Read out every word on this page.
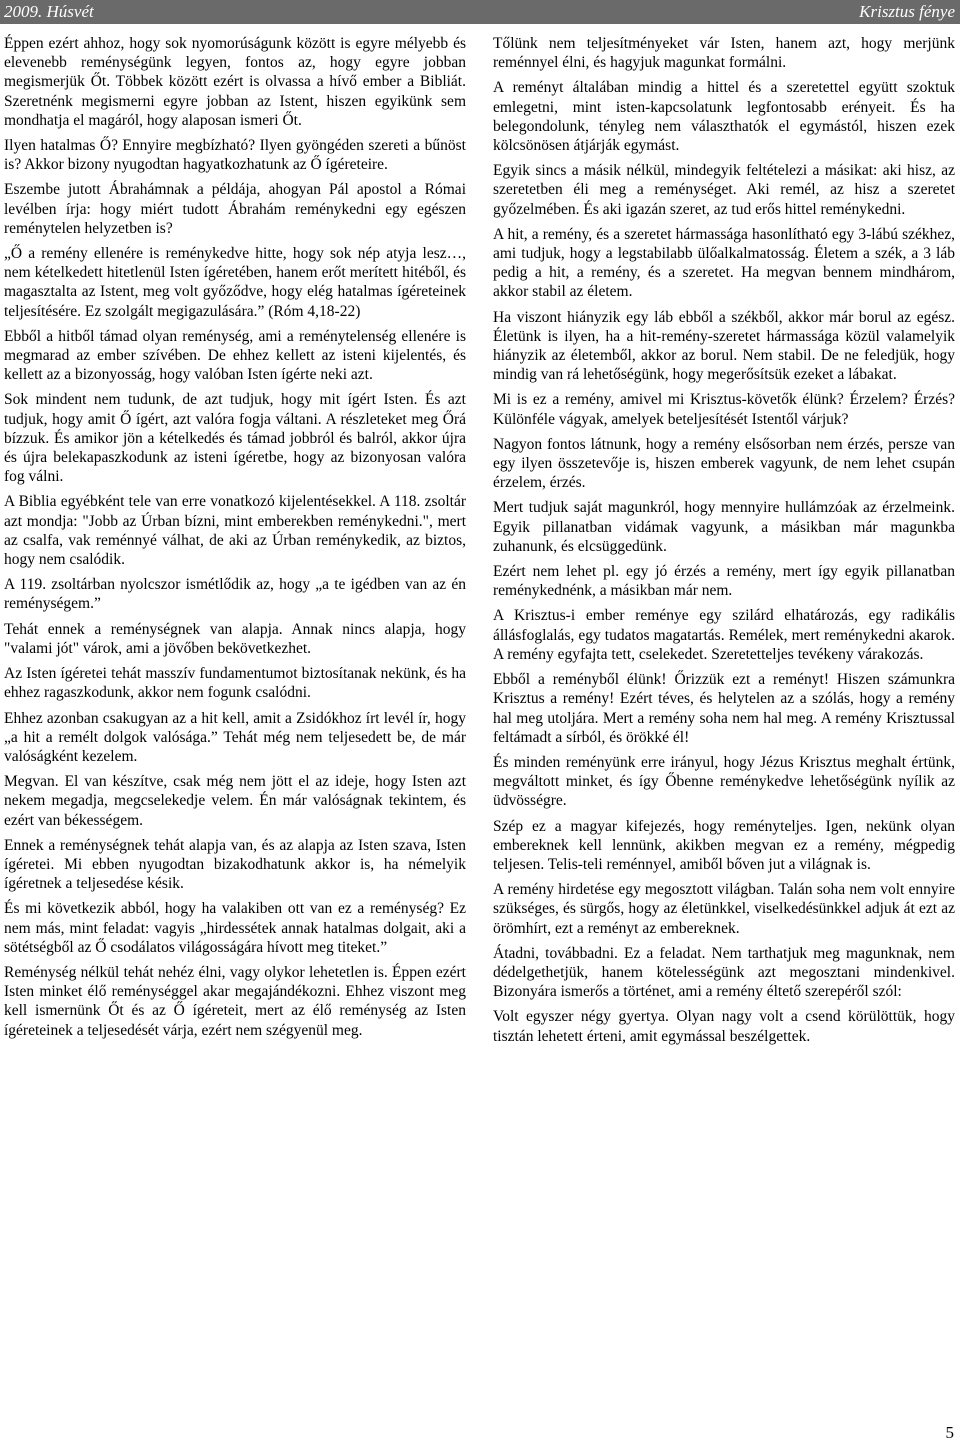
2009. Húsvét	Krisztus fénye

Éppen ezért ahhoz, hogy sok nyomorúságunk között is egyre mélyebb és elevenebb reménységünk legyen, fontos az, hogy egyre jobban megismerjük Őt. Többek között ezért is olvassa a hívő ember a Bibliát. Szeretnénk megismerni egyre jobban az Istent, hiszen egyikünk sem mondhatja el magáról, hogy alaposan ismeri Őt.

Ilyen hatalmas Ő? Ennyire megbízható? Ilyen gyöngéden szereti a bűnöst is? Akkor bizony nyugodtan hagyatkozhatunk az Ő ígéreteire.

Eszembe jutott Ábrahámnak a példája, ahogyan Pál apostol a Római levélben írja: hogy miért tudott Ábrahám reménykedni egy egészen reménytelen helyzetben is?

„Ő a remény ellenére is reménykedve hitte, hogy sok nép atyja lesz…, nem kételkedett hitetlenül Isten ígéretében, hanem erőt merített hitéből, és magasztalta az Istent, meg volt győződve, hogy elég hatalmas ígéreteinek teljesítésére. Ez szolgált megigazulására.” (Róm 4,18-22)

Ebből a hitből támad olyan reménység, ami a reménytelenség ellenére is megmarad az ember szívében. De ehhez kellett az isteni kijelentés, és kellett az a bizonyosság, hogy valóban Isten ígérte neki azt.

Sok mindent nem tudunk, de azt tudjuk, hogy mit ígért Isten. És azt tudjuk, hogy amit Ő ígért, azt valóra fogja váltani. A részleteket meg Őrá bízzuk. És amikor jön a kételkedés és támad jobbról és balról, akkor újra és újra belekapaszkodunk az isteni ígéretbe, hogy az bizonyosan valóra fog válni.

A Biblia egyébként tele van erre vonatkozó kijelentésekkel. A 118. zsoltár azt mondja: "Jobb az Úrban bízni, mint emberekben reménykedni.", mert az csalfa, vak reménnyé válhat, de aki az Úrban reménykedik, az biztos, hogy nem csalódik.

A 119. zsoltárban nyolcszor ismétlődik az, hogy „a te igédben van az én reménységem.”

Tehát ennek a reménységnek van alapja. Annak nincs alapja, hogy "valami jót" várok, ami a jövőben bekövetkezhet.

Az Isten ígéretei tehát masszív fundamentumot biztosítanak nekünk, és ha ehhez ragaszkodunk, akkor nem fogunk csalódni.

Ehhez azonban csakugyan az a hit kell, amit a Zsidókhoz írt levél ír, hogy „a hit a remélt dolgok valósága.” Tehát még nem teljesedett be, de már valóságként kezelem.

Megvan. El van készítve, csak még nem jött el az ideje, hogy Isten azt nekem megadja, megcselekedje velem. Én már valóságnak tekintem, és ezért van békességem.

Ennek a reménységnek tehát alapja van, és az alapja az Isten szava, Isten ígéretei. Mi ebben nyugodtan bizakodhatunk akkor is, ha némelyik ígéretnek a teljesedése késik.

És mi következik abból, hogy ha valakiben ott van ez a reménység? Ez nem más, mint feladat: vagyis „hirdessétek annak hatalmas dolgait, aki a sötétségből az Ő csodálatos világosságára hívott meg titeket.”

Reménység nélkül tehát nehéz élni, vagy olykor lehetetlen is. Éppen ezért Isten minket élő reménységgel akar megajándékozni. Ehhez viszont meg kell ismernünk Őt és az Ő ígéreteit, mert az élő reménység az Isten ígéreteinek a teljesedését várja, ezért nem szégyenül meg.

Tőlünk nem teljesítményeket vár Isten, hanem azt, hogy merjünk reménnyel élni, és hagyjuk magunkat formálni.

A reményt általában mindig a hittel és a szeretettel együtt szoktuk emlegetni, mint isten-kapcsolatunk legfontosabb erényeit. És ha belegondolunk, tényleg nem választhatók el egymástól, hiszen ezek kölcsönösen átjárják egymást.

Egyik sincs a másik nélkül, mindegyik feltételezi a másikat: aki hisz, az szeretetben éli meg a reménységet. Aki remél, az hisz a szeretet győzelmében. És aki igazán szeret, az tud erős hittel reménykedni.

A hit, a remény, és a szeretet hármassága hasonlítható egy 3-lábú székhez, ami tudjuk, hogy a legstabilabb ülőalkalmatosság. Életem a szék, a 3 láb pedig a hit, a remény, és a szeretet. Ha megvan bennem mindhárom, akkor stabil az életem.

Ha viszont hiányzik egy láb ebből a székből, akkor már borul az egész. Életünk is ilyen, ha a hit-remény-szeretet hármassága közül valamelyik hiányzik az életemből, akkor az borul. Nem stabil. De ne feledjük, hogy mindig van rá lehetőségünk, hogy megerősítsük ezeket a lábakat.

Mi is ez a remény, amivel mi Krisztus-követők élünk? Érzelem? Érzés? Különféle vágyak, amelyek beteljesítését Istentől várjuk?

Nagyon fontos látnunk, hogy a remény elsősorban nem érzés, persze van egy ilyen összetevője is, hiszen emberek vagyunk, de nem lehet csupán érzelem, érzés.

Mert tudjuk saját magunkról, hogy mennyire hullámzóak az érzelmeink. Egyik pillanatban vidámak vagyunk, a másikban már magunkba zuhanunk, és elcsüggedünk.

Ezért nem lehet pl. egy jó érzés a remény, mert így egyik pillanatban reménykednénk, a másikban már nem.

A Krisztus-i ember reménye egy szilárd elhatározás, egy radikális állásfoglalás, egy tudatos magatartás. Remélek, mert reménykedni akarok. A remény egyfajta tett, cselekedet. Szeretetteljes tevékeny várakozás.

Ebből a reményből élünk! Őrizzük ezt a reményt! Hiszen számunkra Krisztus a remény! Ezért téves, és helytelen az a szólás, hogy a remény hal meg utoljára. Mert a remény soha nem hal meg. A remény Krisztussal feltámadt a sírból, és örökké él!

És minden reményünk erre irányul, hogy Jézus Krisztus meghalt értünk, megváltott minket, és így Őbenne reménykedve lehetőségünk nyílik az üdvösségre.

Szép ez a magyar kifejezés, hogy reményteljes. Igen, nekünk olyan embereknek kell lennünk, akikben megvan ez a remény, mégpedig teljesen. Telis-teli reménnyel, amiből bőven jut a világnak is.

A remény hirdetése egy megosztott világban. Talán soha nem volt ennyire szükséges, és sürgős, hogy az életünkkel, viselkedésünkkel adjuk át ezt az örömhírt, ezt a reményt az embereknek.

Átadni, továbbadni. Ez a feladat. Nem tarthatjuk meg magunknak, nem dédelgethetjük, hanem kötelességünk azt megosztani mindenkivel. Bizonyára ismerős a történet, ami a remény éltető szerepéről szól:

Volt egyszer négy gyertya. Olyan nagy volt a csend körülöttük, hogy tisztán lehetett érteni, amit egymással beszélgettek.

5
